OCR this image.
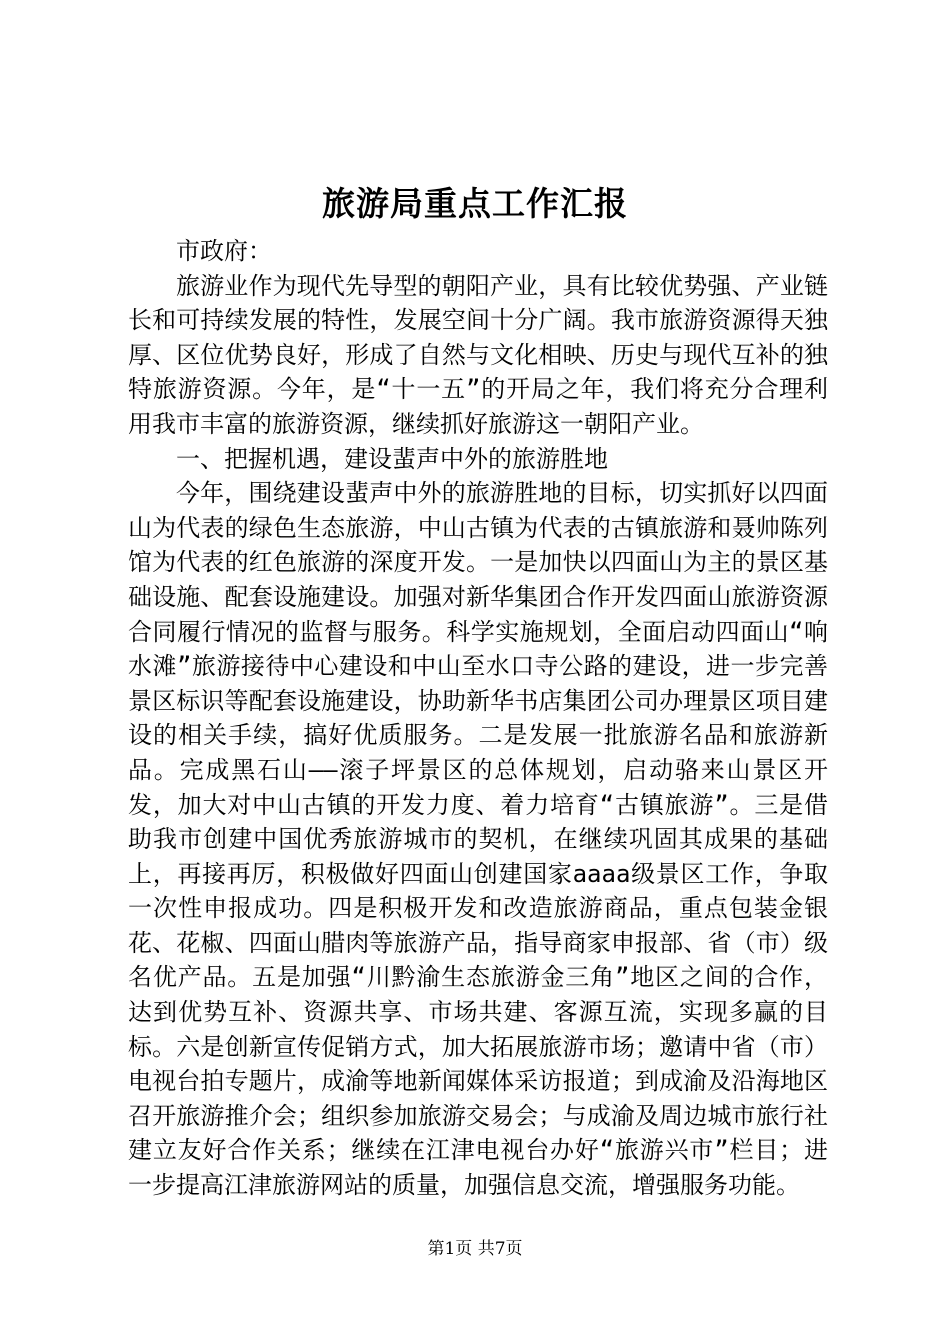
旅游局重点工作汇报

市政府：

旅游业作为现代先导型的朝阳产业，具有比较优势强、产业链长和可持续发展的特性，发展空间十分广阔。我市旅游资源得天独厚、区位优势良好，形成了自然与文化相映、历史与现代互补的独特旅游资源。今年，是“十一五”的开局之年，我们将充分合理利用我市丰富的旅游资源，继续抓好旅游这一朝阳产业。

一、把握机遇，建设蜚声中外的旅游胜地

今年，围绕建设蜚声中外的旅游胜地的目标，切实抓好以四面山为代表的绿色生态旅游，中山古镇为代表的古镇旅游和聂帅陈列馆为代表的红色旅游的深度开发。一是加快以四面山为主的景区基础设施、配套设施建设。加强对新华集团合作开发四面山旅游资源合同履行情况的监督与服务。科学实施规划，全面启动四面山“响水滩”旅游接待中心建设和中山至水口寺公路的建设，进一步完善景区标识等配套设施建设，协助新华书店集团公司办理景区项目建设的相关手续，搞好优质服务。二是发展一批旅游名品和旅游新品。完成黑石山——滚子坪景区的总体规划，启动骆来山景区开发，加大对中山古镇的开发力度、着力培育“古镇旅游”。三是借助我市创建中国优秀旅游城市的契机，在继续巩固其成果的基础上，再接再厉，积极做好四面山创建国家aaaa级景区工作，争取一次性申报成功。四是积极开发和改造旅游商品，重点包装金银花、花椒、四面山腊肉等旅游产品，指导商家申报部、省（市）级名优产品。五是加强“川黔渝生态旅游金三角”地区之间的合作，达到优势互补、资源共享、市场共建、客源互流，实现多赢的目标。六是创新宣传促销方式，加大拓展旅游市场；邀请中省（市）电视台拍专题片，成渝等地新闻媒体采访报道；到成渝及沿海地区召开旅游推介会；组织参加旅游交易会；与成渝及周边城市旅行社建立友好合作关系；继续在江津电视台办好“旅游兴市”栏目；进一步提高江津旅游网站的质量，加强信息交流，增强服务功能。

第1页 共7页
